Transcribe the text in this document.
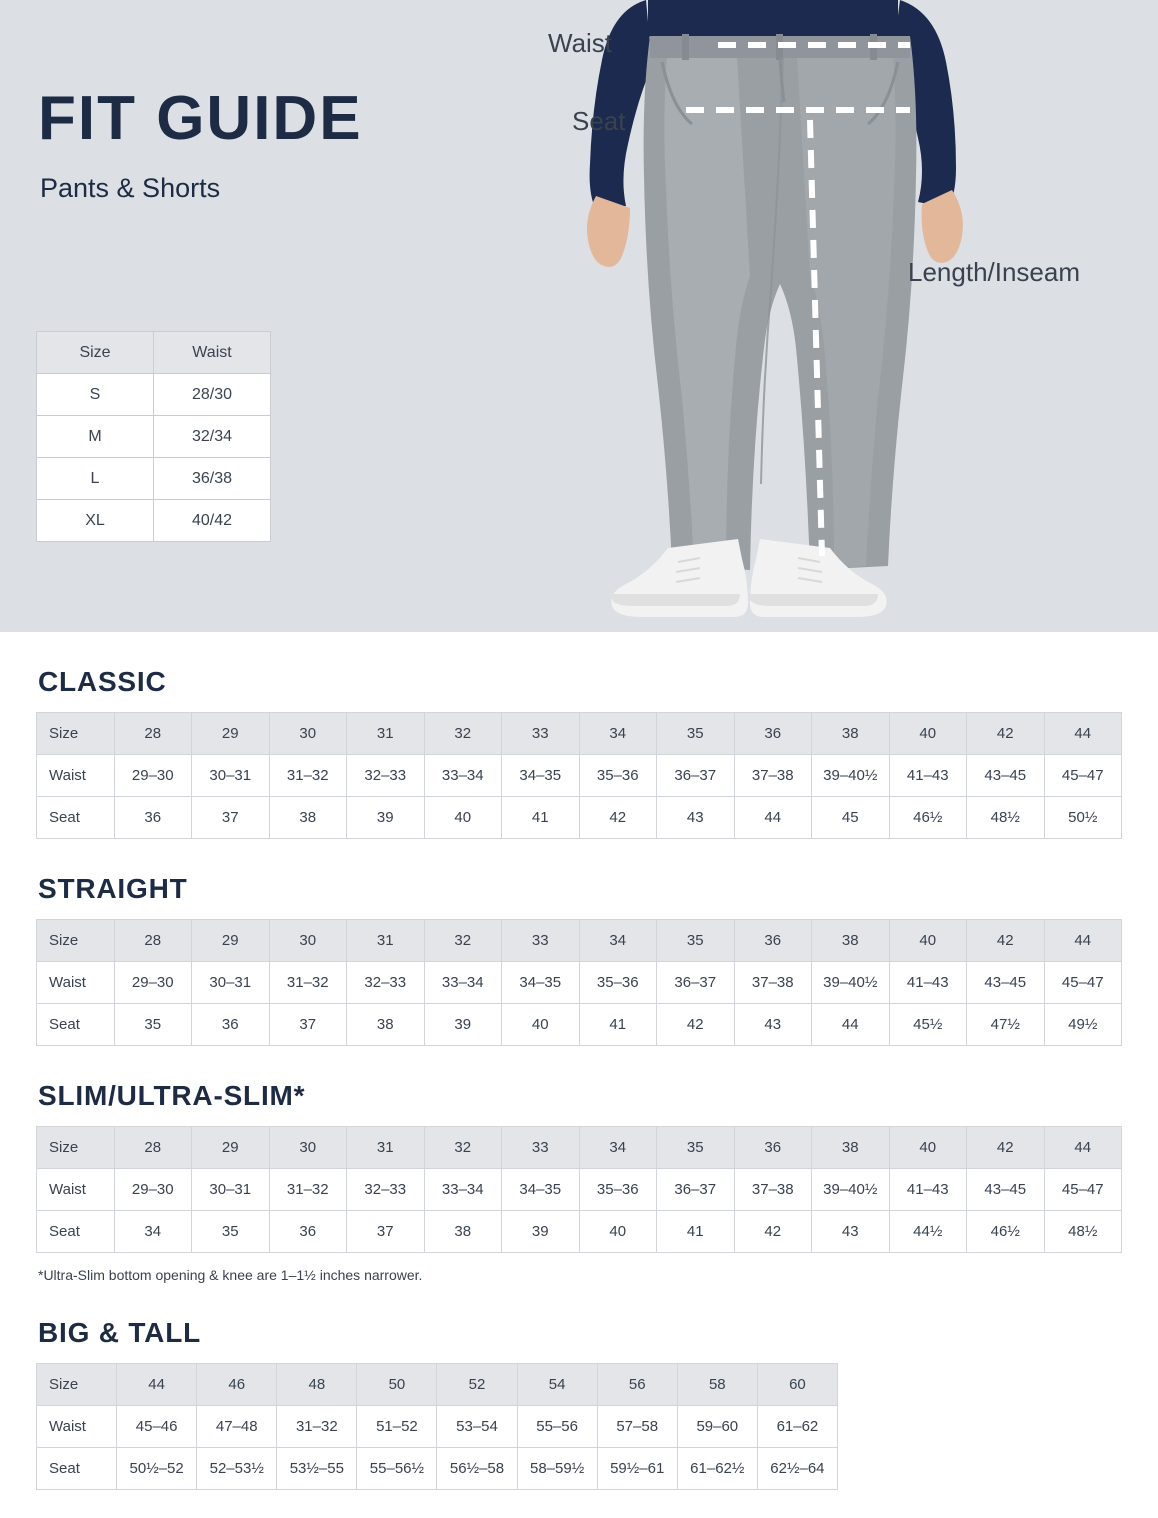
FIT GUIDE
Pants & Shorts
Waist
Seat
Length/Inseam
Size	Waist
S	28/30
M	32/34
L	36/38
XL	40/42
CLASSIC
Size	28	29	30	31	32	33	34	35	36	38	40	42	44
Waist	29–30	30–31	31–32	32–33	33–34	34–35	35–36	36–37	37–38	39–40½	41–43	43–45	45–47
Seat	36	37	38	39	40	41	42	43	44	45	46½	48½	50½
STRAIGHT
Size	28	29	30	31	32	33	34	35	36	38	40	42	44
Waist	29–30	30–31	31–32	32–33	33–34	34–35	35–36	36–37	37–38	39–40½	41–43	43–45	45–47
Seat	35	36	37	38	39	40	41	42	43	44	45½	47½	49½
SLIM/ULTRA-SLIM*
Size	28	29	30	31	32	33	34	35	36	38	40	42	44
Waist	29–30	30–31	31–32	32–33	33–34	34–35	35–36	36–37	37–38	39–40½	41–43	43–45	45–47
Seat	34	35	36	37	38	39	40	41	42	43	44½	46½	48½
*Ultra-Slim bottom opening & knee are 1–1½ inches narrower.
BIG & TALL
Size	44	46	48	50	52	54	56	58	60
Waist	45–46	47–48	31–32	51–52	53–54	55–56	57–58	59–60	61–62
Seat	50½–52	52–53½	53½–55	55–56½	56½–58	58–59½	59½–61	61–62½	62½–64
